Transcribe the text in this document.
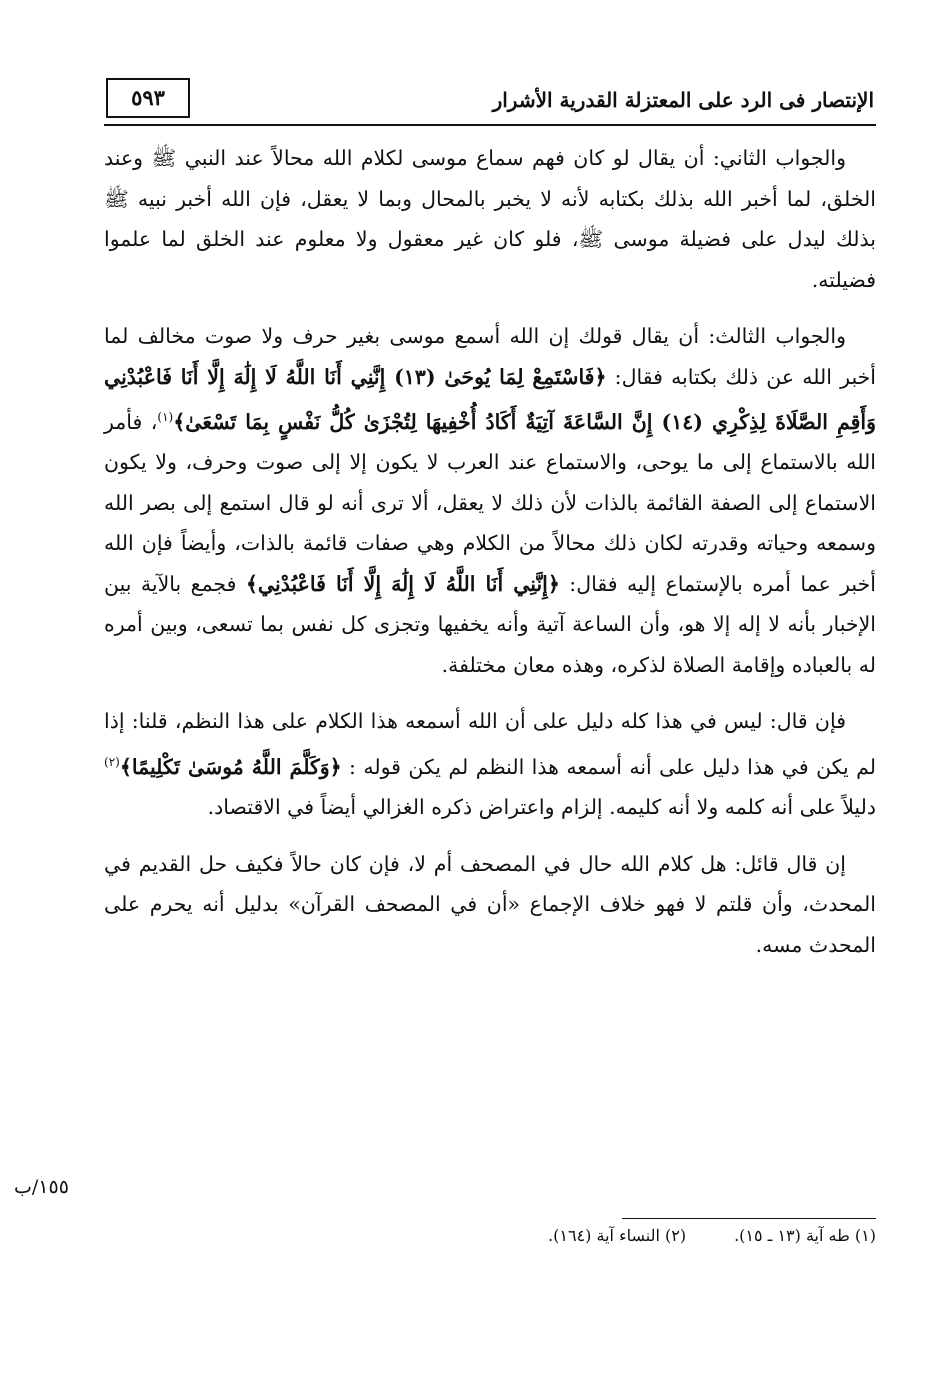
الإنتصار فى الرد على المعتزلة القدرية الأشرار
٥٩٣

والجواب الثاني: أن يقال لو كان فهم سماع موسى لكلام الله محالاً عند النبي ﷺ وعند الخلق، لما أخبر الله بذلك بكتابه لأنه لا يخبر بالمحال وبما لا يعقل، فإن الله أخبر نبيه ﷺ بذلك ليدل على فضيلة موسى ﷺ، فلو كان غير معقول ولا معلوم عند الخلق لما علموا فضيلته.

والجواب الثالث: أن يقال قولك إن الله أسمع موسى بغير حرف ولا صوت مخالف لما أخبر الله عن ذلك بكتابه فقال: ﴿فَاسْتَمِعْ لِمَا يُوحَىٰ (١٣) إِنَّنِي أَنَا اللَّهُ لَا إِلَٰهَ إِلَّا أَنَا فَاعْبُدْنِي وَأَقِمِ الصَّلَاةَ لِذِكْرِي (١٤) إِنَّ السَّاعَةَ آتِيَةٌ أَكَادُ أُخْفِيهَا لِتُجْزَىٰ كُلُّ نَفْسٍ بِمَا تَسْعَىٰ﴾$^{(١)}$، فأمر الله بالاستماع إلى ما يوحى، والاستماع عند العرب لا يكون إلا إلى صوت وحرف، ولا يكون الاستماع إلى الصفة القائمة بالذات لأن ذلك لا يعقل، ألا ترى أنه لو قال استمع إلى بصر الله وسمعه وحياته وقدرته لكان ذلك محالاً من الكلام وهي صفات قائمة بالذات، وأيضاً فإن الله أخبر عما أمره بالإستماع إليه فقال: ﴿إِنَّنِي أَنَا اللَّهُ لَا إِلَٰهَ إِلَّا أَنَا فَاعْبُدْنِي﴾ فجمع بالآية بين الإخبار بأنه لا إله إلا هو، وأن الساعة آتية وأنه يخفيها وتجزى كل نفس بما تسعى، وبين أمره له بالعباده وإقامة الصلاة لذكره، وهذه معان مختلفة.

فإن قال: ليس في هذا كله دليل على أن الله أسمعه هذا الكلام على هذا النظم، قلنا: إذا لم يكن في هذا دليل على أنه أسمعه هذا النظم لم يكن قوله : ﴿وَكَلَّمَ اللَّهُ مُوسَىٰ تَكْلِيمًا﴾$^{(٢)}$ دليلاً على أنه كلمه ولا أنه كليمه. إلزام واعتراض ذكره الغزالي أيضاً في الاقتصاد.

إن قال قائل: هل كلام الله حال في المصحف أم لا، فإن كان حالاً فكيف حل القديم في المحدث، وأن قلتم لا فهو خلاف الإجماع «أن في المصحف القرآن» بدليل أنه يحرم على المحدث مسه.

١٥٥/ب
(١) طه آية (١٣ ـ ١٥).
(٢) النساء آية (١٦٤).
